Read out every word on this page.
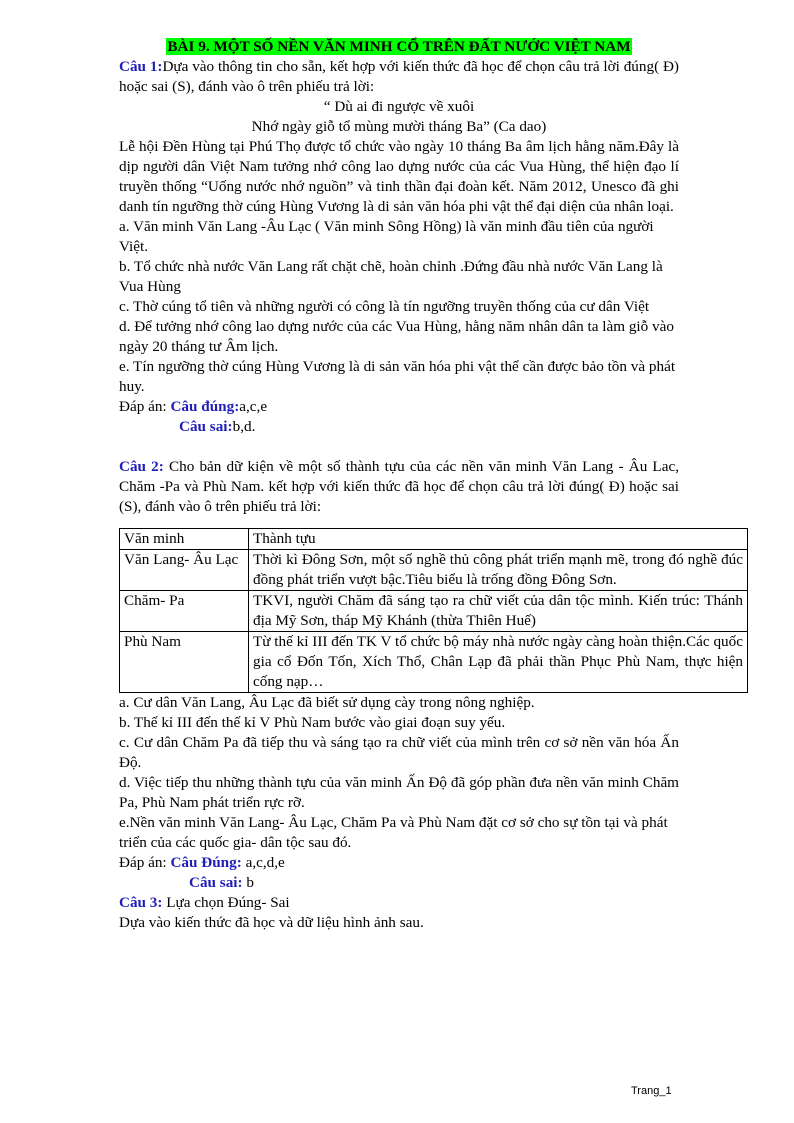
BÀI 9. MỘT SỐ NỀN VĂN MINH CỔ TRÊN ĐẤT NƯỚC VIỆT NAM

Câu 1:Dựa vào thông tin cho sẵn, kết hợp với kiến thức đã học để chọn câu trả lời đúng( Đ) hoặc sai (S), đánh vào ô trên phiếu trả lời:

“ Dù ai đi ngược về xuôi

Nhớ ngày giỗ tổ mùng mười tháng Ba” (Ca dao)

Lễ hội Đền Hùng tại Phú Thọ được tổ chức vào ngày 10 tháng Ba âm lịch hằng năm.Đây là dịp người dân Việt Nam tưởng nhớ công lao dựng nước của các Vua Hùng, thể hiện đạo lí truyền thống “Uống nước nhớ nguồn” và tinh thần đại đoàn kết. Năm 2012, Unesco đã ghi danh tín ngưỡng thờ cúng Hùng Vương là di sản văn hóa phi vật thể đại diện của nhân loại.

a. Văn minh Văn Lang -Âu Lạc ( Văn minh Sông Hồng) là văn minh đầu tiên của người Việt.

b. Tổ chức nhà nước Văn Lang rất chặt chẽ, hoàn chỉnh .Đứng đầu nhà nước Văn Lang là Vua Hùng

c. Thờ cúng tổ tiên và những người có công là tín ngưỡng truyền thống của cư dân Việt

d. Để tưởng nhớ công lao dựng nước của các Vua Hùng, hằng năm nhân dân ta làm giỗ vào ngày 20 tháng tư Âm lịch.

e. Tín ngưỡng thờ cúng Hùng Vương là di sản văn hóa phi vật thể cần được bảo tồn và phát huy.

Đáp án: Câu đúng:a,c,e

Câu sai:b,d.

Câu 2: Cho bản dữ kiện về một số thành tựu của các nền văn minh Văn Lang - Âu Lac, Chăm -Pa và Phù Nam. kết hợp với kiến thức đã học để chọn câu trả lời đúng( Đ) hoặc sai (S), đánh vào ô trên phiếu trả lời:

Văn minh	Thành tựu
Văn Lang- Âu Lạc	Thời kì Đông Sơn, một số nghề thủ công phát triển mạnh mẽ, trong đó nghề đúc đồng phát triển vượt bậc.Tiêu biểu là trống đồng Đông Sơn.
Chăm- Pa	TKVI, người Chăm đã sáng tạo ra chữ viết của dân tộc mình. Kiến trúc: Thánh địa Mỹ Sơn, tháp Mỹ Khánh (thừa Thiên Huế)
Phù Nam	Từ thế kỉ III đến TK V tổ chức bộ máy nhà nước ngày càng hoàn thiện.Các quốc gia cổ Đốn Tốn, Xích Thổ, Chân Lạp đã phải thần Phục Phù Nam, thực hiện cống nạp…

a. Cư dân Văn Lang, Âu Lạc đã biết sử dụng cày trong nông nghiệp.

b. Thế kỉ III đến thế kỉ V Phù Nam bước vào giai đoạn suy yếu.

c. Cư dân Chăm Pa đã tiếp thu và sáng tạo ra chữ viết của mình trên cơ sở nền văn hóa Ấn Độ.

d. Việc tiếp thu những thành tựu của văn minh Ấn Độ đã góp phần đưa nền văn minh Chăm Pa, Phù Nam phát triển rực rỡ.

e.Nền văn minh Văn Lang- Âu Lạc, Chăm Pa và Phù Nam đặt cơ sở cho sự tồn tại và phát triển của các quốc gia- dân tộc sau đó.

Đáp án: Câu Đúng: a,c,d,e

Câu sai: b

Câu 3: Lựa chọn Đúng- Sai

Dựa vào kiến thức đã học và dữ liệu hình ảnh sau.

Trang_1
